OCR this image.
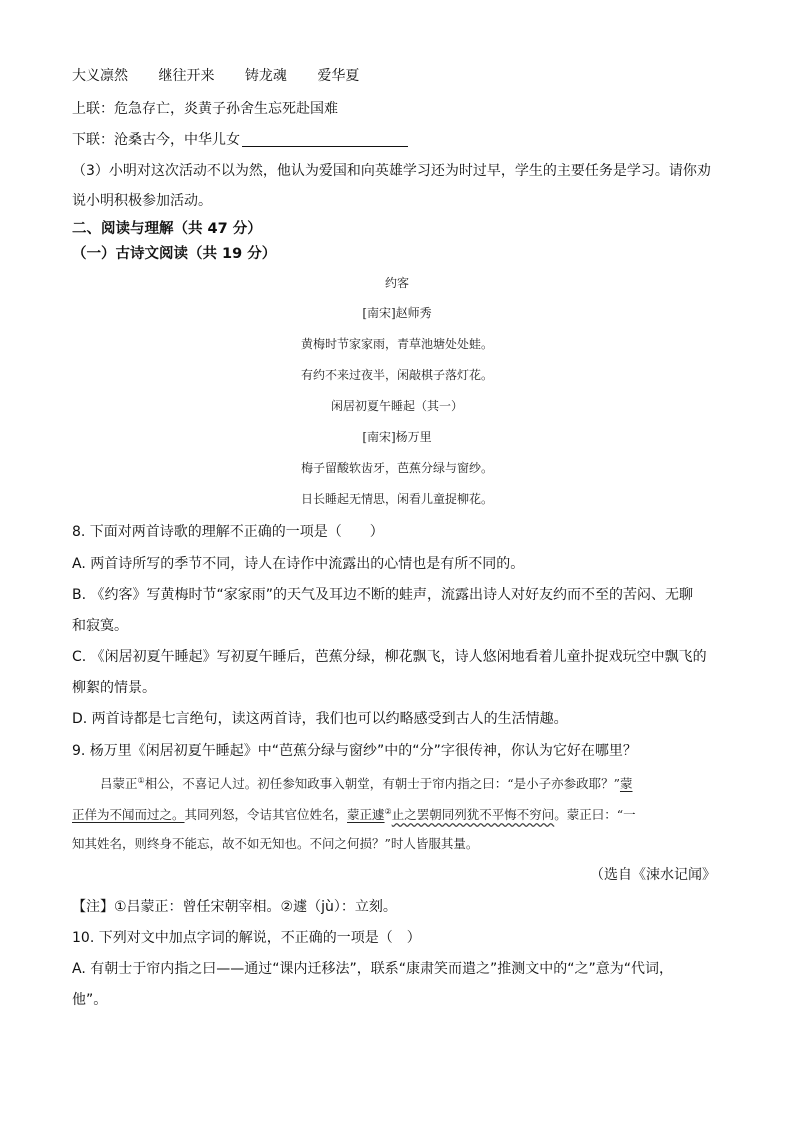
大义凛然 继往开来 铸龙魂 爱华夏
上联：危急存亡，炎黄子孙舍生忘死赴国难
下联：沧桑古今，中华儿女
（3）小明对这次活动不以为然，他认为爱国和向英雄学习还为时过早，学生的主要任务是学习。请你劝
说小明积极参加活动。
二、阅读与理解（共 47 分）
（一）古诗文阅读（共 19 分）
约客
[南宋]赵师秀
黄梅时节家家雨，青草池塘处处蛙。
有约不来过夜半，闲敲棋子落灯花。
闲居初夏午睡起（其一）
[南宋]杨万里
梅子留酸软齿牙，芭蕉分绿与窗纱。
日长睡起无情思，闲看儿童捉柳花。
8. 下面对两首诗歌的理解不正确的一项是（　　）
A. 两首诗所写的季节不同，诗人在诗作中流露出的心情也是有所不同的。
B. 《约客》写黄梅时节“家家雨”的天气及耳边不断的蛙声，流露出诗人对好友约而不至的苦闷、无聊
和寂寞。
C. 《闲居初夏午睡起》写初夏午睡后，芭蕉分绿，柳花飘飞，诗人悠闲地看着儿童扑捉戏玩空中飘飞的
柳絮的情景。
D. 两首诗都是七言绝句，读这两首诗，我们也可以约略感受到古人的生活情趣。
9. 杨万里《闲居初夏午睡起》中“芭蕉分绿与窗纱”中的“分”字很传神，你认为它好在哪里？
吕蒙正①相公，不喜记人过。初任参知政事入朝堂，有朝士于帘内指之曰：“是小子亦参政耶？”蒙
正佯为不闻而过之。其同列怒，令诘其官位姓名，蒙正遽②止之罢朝同列犹不平悔不穷问。蒙正曰：“一
知其姓名，则终身不能忘，故不如无知也。不问之何损？”时人皆服其量。
（选自《涑水记闻》
【注】①吕蒙正：曾任宋朝宰相。②遽（jù）：立刻。
10. 下列对文中加点字词的解说，不正确的一项是（　）
A. 有朝士于帘内指之曰——通过“课内迁移法”，联系“康肃笑而遣之”推测文中的“之”意为“代词，
他”。
